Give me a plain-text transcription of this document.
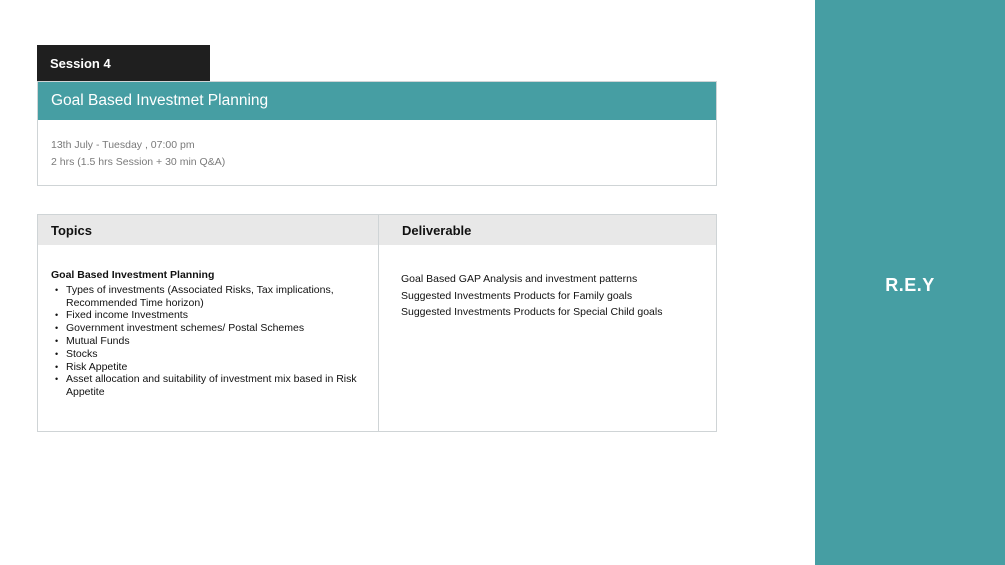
Session 4
Goal Based Investmet Planning
13th July - Tuesday , 07:00 pm
2 hrs (1.5 hrs Session + 30 min Q&A)
Topics
Goal Based Investment Planning
• Types of investments (Associated Risks, Tax implications, Recommended Time horizon)
• Fixed income Investments
• Government investment schemes/ Postal Schemes
• Mutual Funds
• Stocks
• Risk Appetite
• Asset allocation and suitability of investment mix based in Risk Appetite
Deliverable
Goal Based GAP Analysis and investment patterns
Suggested Investments Products for Family goals
Suggested Investments Products for Special Child goals
R.E.Y
